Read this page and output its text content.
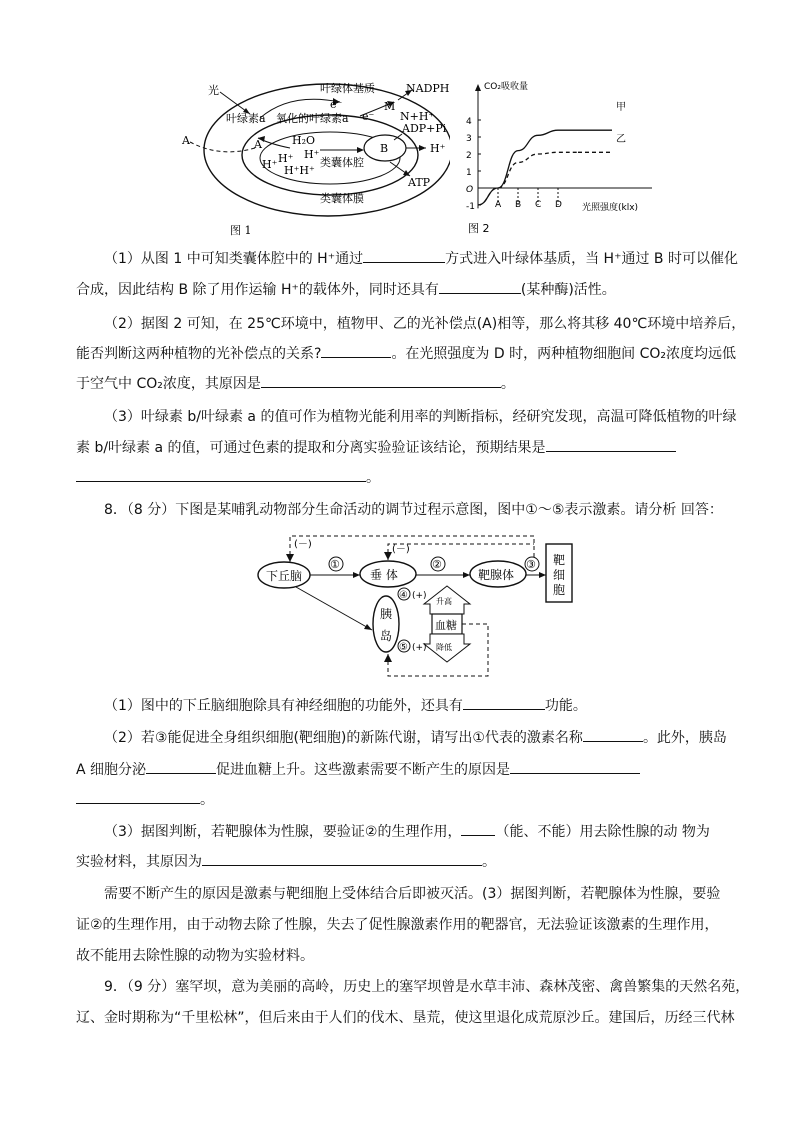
光	叶绿体基质	NADPH
M
N+H⁺
叶绿素a 氧化的叶绿素a
e⁻
e⁻
ADP+Pi
A	A	H₂O
H⁺
H⁺ H⁺
H⁺H⁺
B	H⁺
类囊体腔
ATP
类囊体膜
图 1
CO₂吸收量
光照强度(klx)
甲
乙
图 2
4
3
2
1
-1
O
A B C D

（1）从图 1 中可知类囊体腔中的 H⁺通过	方式进入叶绿体基质，当 H⁺通过 B 时可以催化

合成，因此结构 B 除了用作运输 H⁺的载体外，同时还具有	(某种酶)活性。

（2）据图 2 可知，在 25℃环境中，植物甲、乙的光补偿点(A)相等，那么将其移 40℃环境中培养后，

能否判断这两种植物的光补偿点的关系?	。在光照强度为 D 时，两种植物细胞间 CO₂浓度均远低

于空气中 CO₂浓度，其原因是	。

（3）叶绿素 b/叶绿素 a 的值可作为植物光能利用率的判断指标，经研究发现，高温可降低植物的叶绿

素 b/叶绿素 a 的值，可通过色素的提取和分离实验验证该结论，预期结果是

。

8．（8 分）下图是某哺乳动物部分生命活动的调节过程示意图，图中①～⑤表示激素。请分析 回答：

(－)	(－)
下丘脑	垂 体	靶腺体
靶细胞
①	②	③
胰岛
④ (+)
⑤ (+)
升高
血糖
降低

（1）图中的下丘脑细胞除具有神经细胞的功能外，还具有	功能。

（2）若③能促进全身组织细胞(靶细胞)的新陈代谢，请写出①代表的激素名称	。此外，胰岛

A 细胞分泌	促进血糖上升。这些激素需要不断产生的原因是

。

（3）据图判断，若靶腺体为性腺，要验证②的生理作用， （能、不能）用去除性腺的动 物为

实验材料，其原因为	。

需要不断产生的原因是激素与靶细胞上受体结合后即被灭活。(3）据图判断，若靶腺体为性腺，要验

证②的生理作用，由于动物去除了性腺，失去了促性腺激素作用的靶器官，无法验证该激素的生理作用，

故不能用去除性腺的动物为实验材料。

9．（9 分）塞罕坝，意为美丽的高岭，历史上的塞罕坝曾是水草丰沛、森林茂密、禽兽繁集的天然名苑，

辽、金时期称为“千里松林”，但后来由于人们的伐木、垦荒，使这里退化成荒原沙丘。建国后，历经三代林
